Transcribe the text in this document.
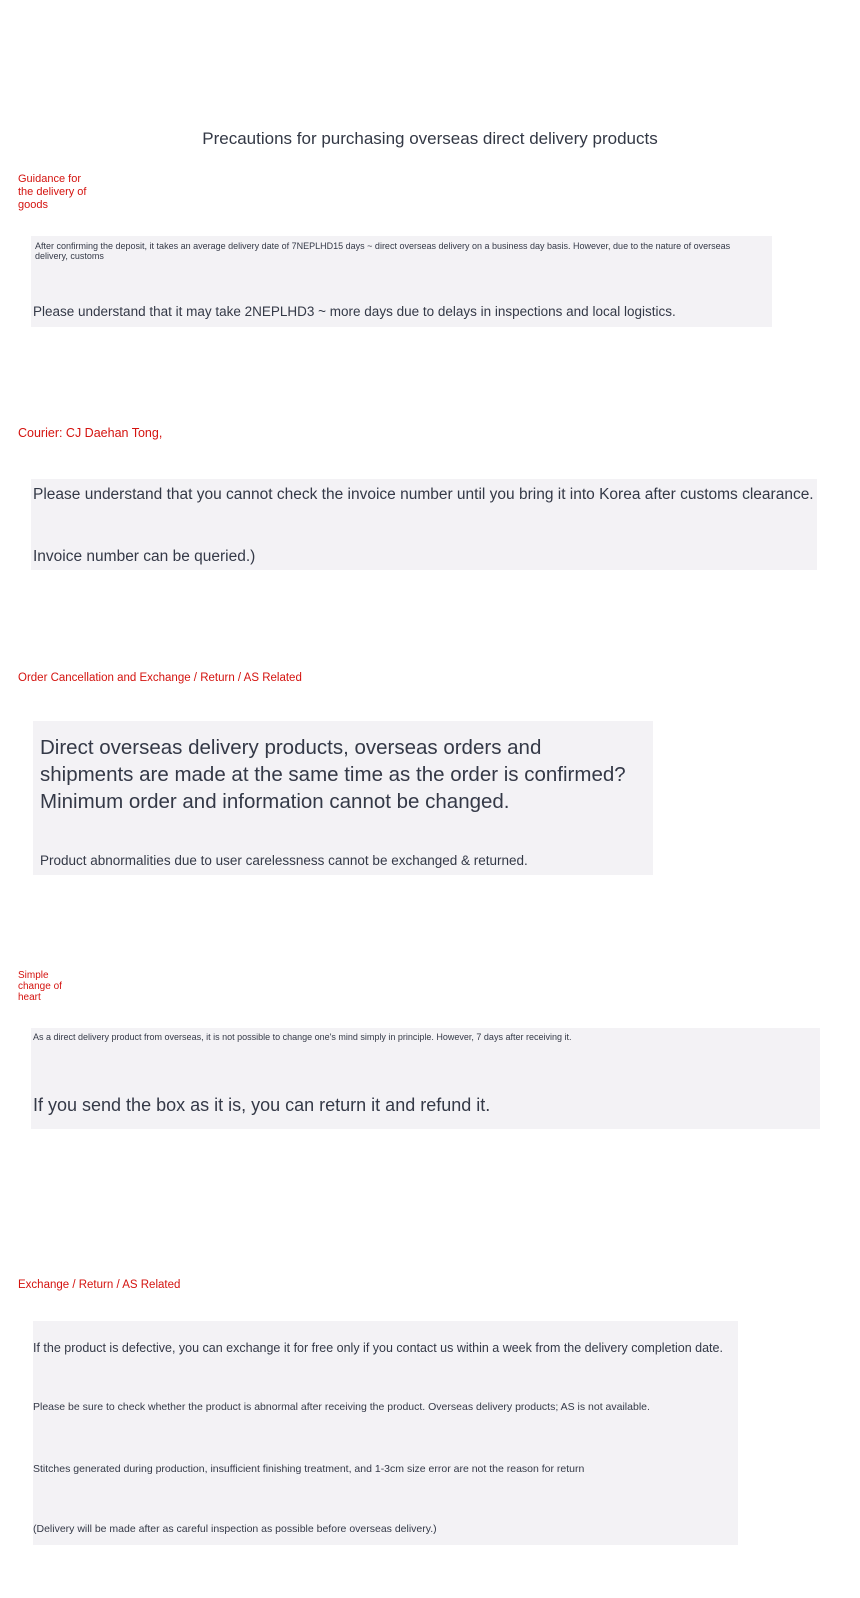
Precautions for purchasing overseas direct delivery products
Guidance for the delivery of goods

After confirming the deposit, it takes an average delivery date of 7NEPLHD15 days ~ direct overseas delivery on a business day basis. However, due to the nature of overseas delivery, customs

Please understand that it may take 2NEPLHD3 ~ more days due to delays in inspections and local logistics.

Courier: CJ Daehan Tong,

Please understand that you cannot check the invoice number until you bring it into Korea after customs clearance.

Invoice number can be queried.)

Order Cancellation and Exchange / Return / AS Related

Direct overseas delivery products, overseas orders and shipments are made at the same time as the order is confirmed? Minimum order and information cannot be changed.

Product abnormalities due to user carelessness cannot be exchanged & returned.

Simple change of heart

As a direct delivery product from overseas, it is not possible to change one's mind simply in principle. However, 7 days after receiving it.

If you send the box as it is, you can return it and refund it.

Exchange / Return / AS Related

If the product is defective, you can exchange it for free only if you contact us within a week from the delivery completion date.

Please be sure to check whether the product is abnormal after receiving the product. Overseas delivery products; AS is not available.

Stitches generated during production, insufficient finishing treatment, and 1-3cm size error are not the reason for return

(Delivery will be made after as careful inspection as possible before overseas delivery.)
